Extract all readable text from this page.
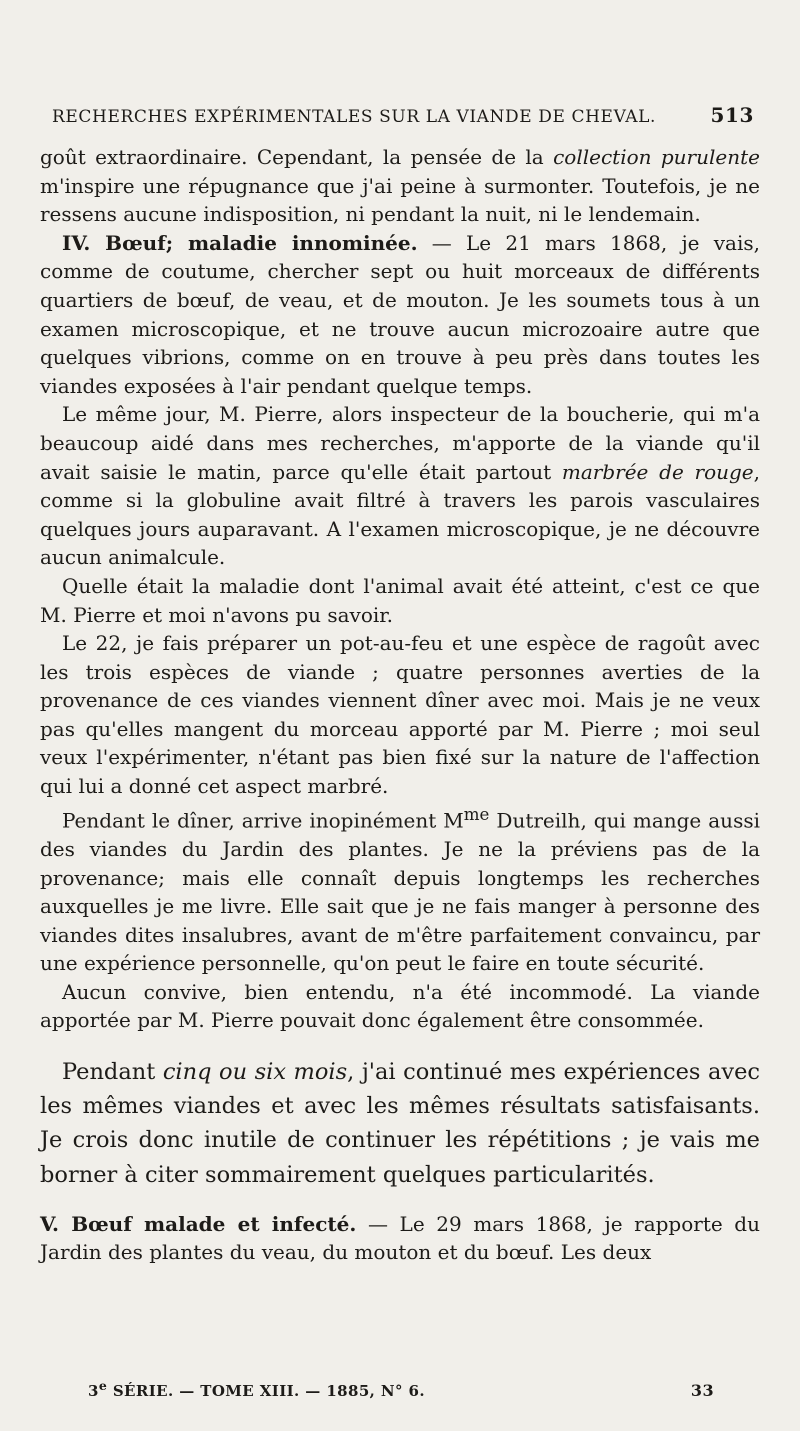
RECHERCHES EXPÉRIMENTALES SUR LA VIANDE DE CHEVAL.	513

goût extraordinaire. Cependant, la pensée de la collection purulente m'inspire une répugnance que j'ai peine à surmonter. Toutefois, je ne ressens aucune indisposition, ni pendant la nuit, ni le lendemain.

IV. Bœuf; maladie innominée. — Le 21 mars 1868, je vais, comme de coutume, chercher sept ou huit morceaux de différents quartiers de bœuf, de veau, et de mouton. Je les soumets tous à un examen microscopique, et ne trouve aucun microzoaire autre que quelques vibrions, comme on en trouve à peu près dans toutes les viandes exposées à l'air pendant quelque temps.

Le même jour, M. Pierre, alors inspecteur de la boucherie, qui m'a beaucoup aidé dans mes recherches, m'apporte de la viande qu'il avait saisie le matin, parce qu'elle était partout marbrée de rouge, comme si la globuline avait filtré à travers les parois vasculaires quelques jours auparavant. A l'examen microscopique, je ne découvre aucun animalcule.

Quelle était la maladie dont l'animal avait été atteint, c'est ce que M. Pierre et moi n'avons pu savoir.

Le 22, je fais préparer un pot-au-feu et une espèce de ragoût avec les trois espèces de viande ; quatre personnes averties de la provenance de ces viandes viennent dîner avec moi. Mais je ne veux pas qu'elles mangent du morceau apporté par M. Pierre ; moi seul veux l'expérimenter, n'étant pas bien fixé sur la nature de l'affection qui lui a donné cet aspect marbré.

Pendant le dîner, arrive inopinément $M^{me}$ Dutreilh, qui mange aussi des viandes du Jardin des plantes. Je ne la préviens pas de la provenance; mais elle connaît depuis longtemps les recherches auxquelles je me livre. Elle sait que je ne fais manger à personne des viandes dites insalubres, avant de m'être parfaitement convaincu, par une expérience personnelle, qu'on peut le faire en toute sécurité.

Aucun convive, bien entendu, n'a été incommodé. La viande apportée par M. Pierre pouvait donc également être consommée.

Pendant cinq ou six mois, j'ai continué mes expériences avec les mêmes viandes et avec les mêmes résultats satisfaisants. Je crois donc inutile de continuer les répétitions ; je vais me borner à citer sommairement quelques particularités.

V. Bœuf malade et infecté. — Le 29 mars 1868, je rapporte du Jardin des plantes du veau, du mouton et du bœuf. Les deux

3e SÉRIE. — TOME XIII. — 1885, N° 6.	33
